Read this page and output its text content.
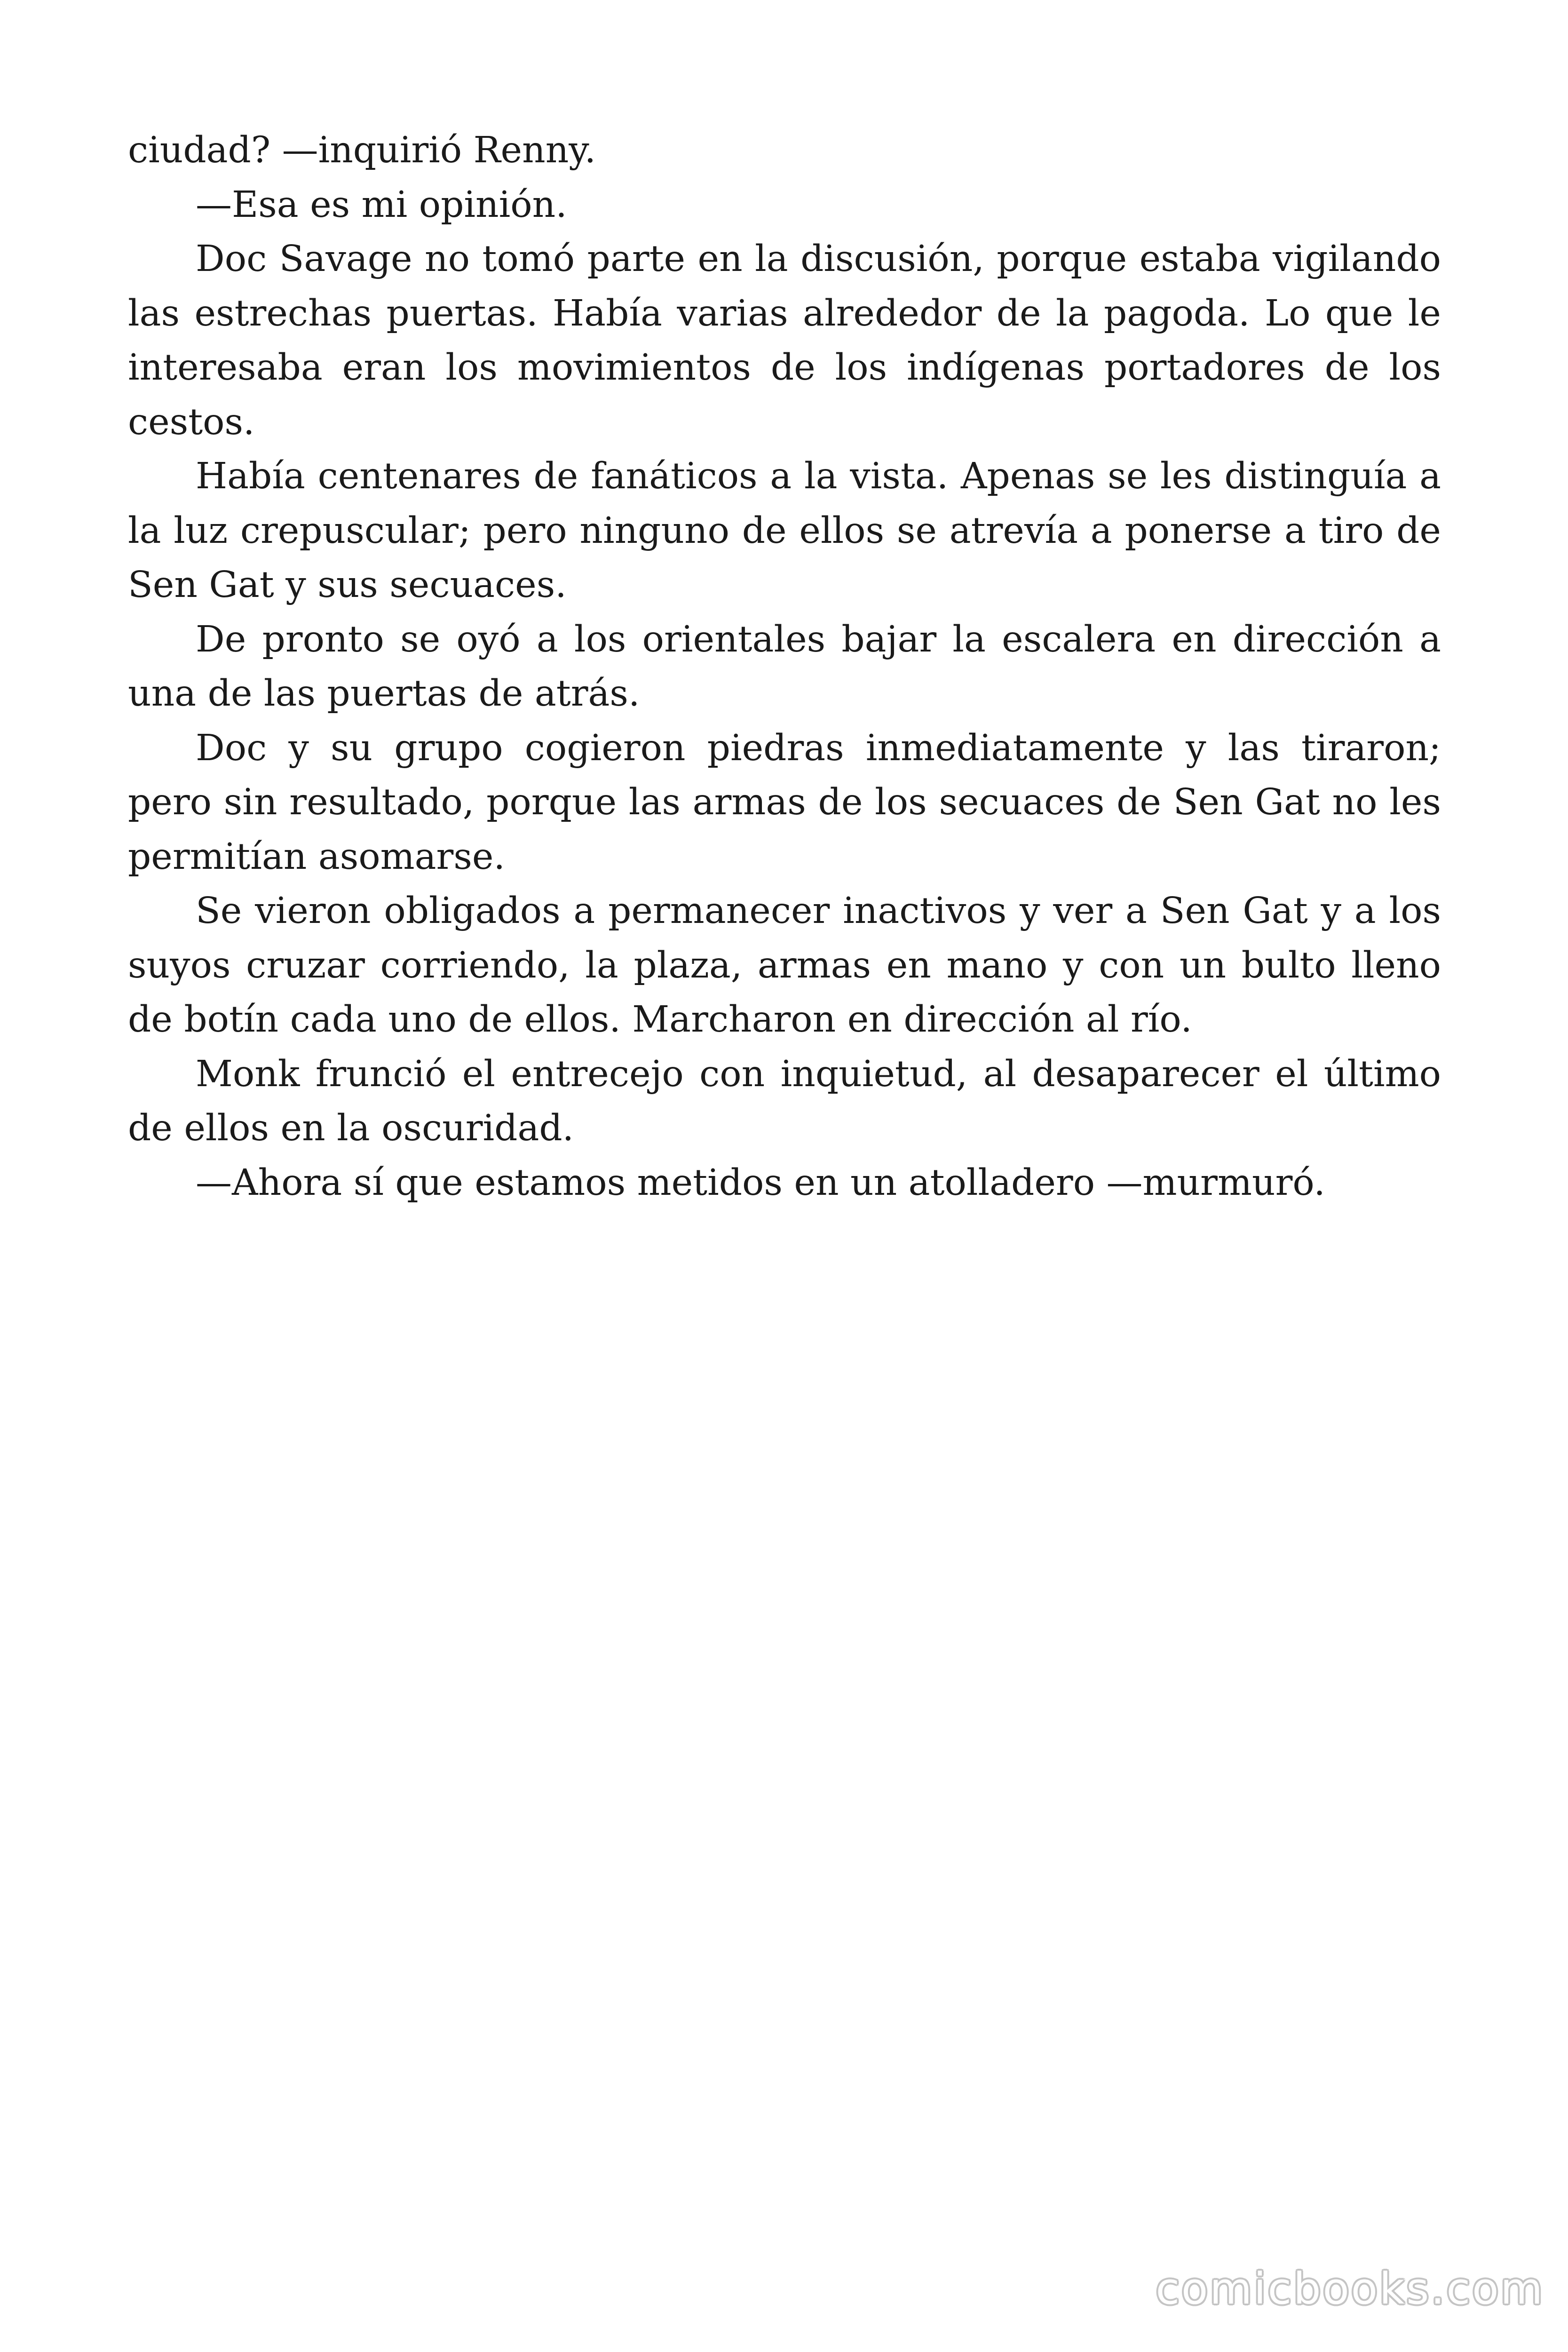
ciudad? —inquirió Renny.

—Esa es mi opinión.

Doc Savage no tomó parte en la discusión, porque estaba vigilando las estrechas puertas. Había varias alrededor de la pagoda. Lo que le interesaba eran los movimientos de los indígenas portadores de los cestos.

Había centenares de fanáticos a la vista. Apenas se les distinguía a la luz crepuscular; pero ninguno de ellos se atrevía a ponerse a tiro de Sen Gat y sus secuaces.

De pronto se oyó a los orientales bajar la escalera en dirección a una de las puertas de atrás.

Doc y su grupo cogieron piedras inmediatamente y las tiraron; pero sin resultado, porque las armas de los secuaces de Sen Gat no les permitían asomarse.

Se vieron obligados a permanecer inactivos y ver a Sen Gat y a los suyos cruzar corriendo, la plaza, armas en mano y con un bulto lleno de botín cada uno de ellos. Marcharon en dirección al río.

Monk frunció el entrecejo con inquietud, al desaparecer el último de ellos en la oscuridad.

—Ahora sí que estamos metidos en un atolladero —murmuró.

comicbooks.com
